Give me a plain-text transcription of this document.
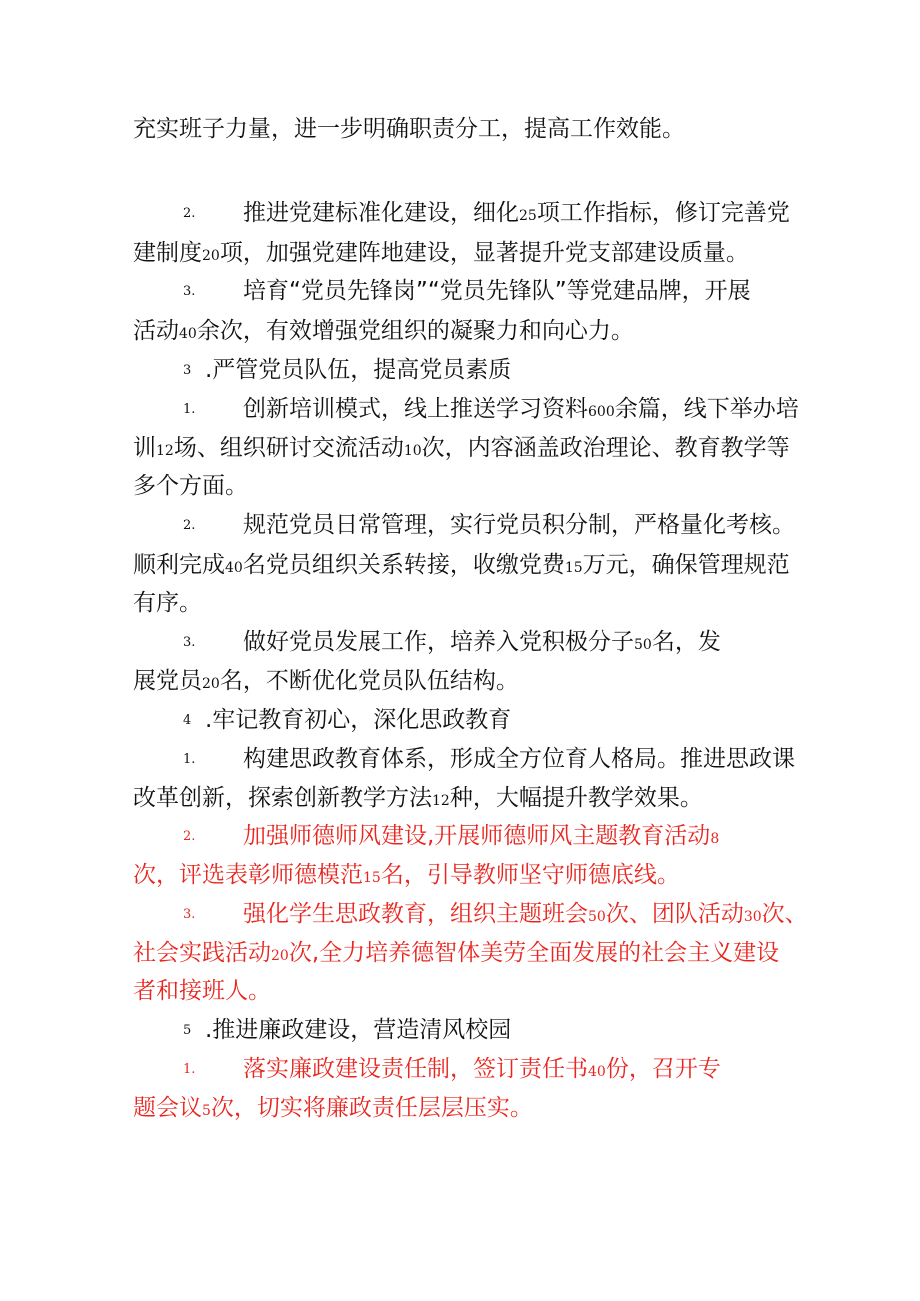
充实班子力量，进一步明确职责分工，提高工作效能。
2. 推进党建标准化建设，细化25项工作指标，修订完善党
建制度20项，加强党建阵地建设，显著提升党支部建设质量。
3. 培育“党员先锋岗”“党员先锋队”等党建品牌，开展
活动40余次，有效增强党组织的凝聚力和向心力。
3 .严管党员队伍，提高党员素质
1. 创新培训模式，线上推送学习资料600余篇，线下举办培
训12场、组织研讨交流活动10次，内容涵盖政治理论、教育教学等
多个方面。
2. 规范党员日常管理，实行党员积分制，严格量化考核。
顺利完成40名党员组织关系转接，收缴党费15万元，确保管理规范
有序。
3. 做好党员发展工作，培养入党积极分子50名，发
展党员20名，不断优化党员队伍结构。
4 .牢记教育初心，深化思政教育
1. 构建思政教育体系，形成全方位育人格局。推进思政课
改革创新，探索创新教学方法12种，大幅提升教学效果。
2. 加强师德师风建设,开展师德师风主题教育活动8
次，评选表彰师德模范15名，引导教师坚守师德底线。
3. 强化学生思政教育，组织主题班会50次、团队活动30次、
社会实践活动20次,全力培养德智体美劳全面发展的社会主义建设
者和接班人。
5 .推进廉政建设，营造清风校园
1. 落实廉政建设责任制，签订责任书40份，召开专
题会议5次，切实将廉政责任层层压实。
